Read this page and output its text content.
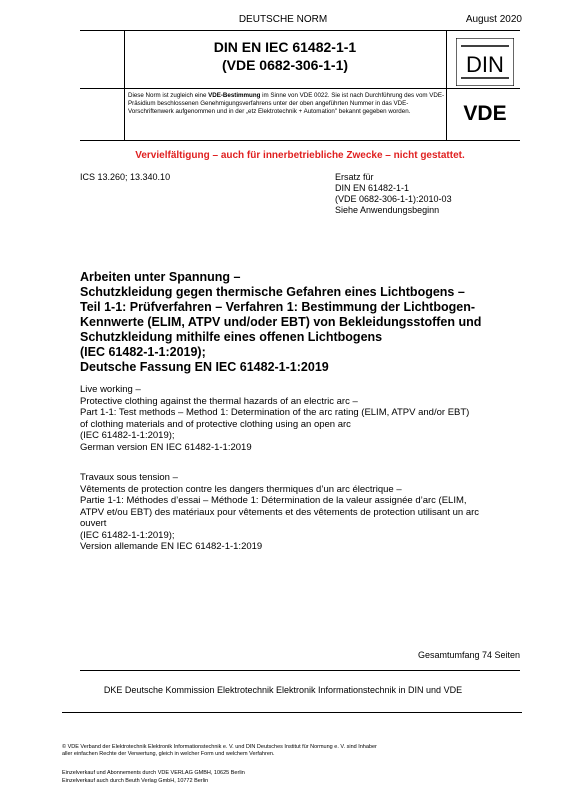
DEUTSCHE NORM	August 2020
DIN EN IEC 61482-1-1
(VDE 0682-306-1-1)	DIN
Diese Norm ist zugleich eine VDE-Bestimmung im Sinne von VDE 0022. Sie ist nach Durchführung des vom VDE-Präsidium beschlossenen Genehmigungsverfahrens unter der oben angeführten Nummer in das VDE-Vorschriftenwerk aufgenommen und in der „etz Elektrotechnik + Automation" bekannt gegeben worden.	VDE
Vervielfältigung – auch für innerbetriebliche Zwecke – nicht gestattet.
ICS 13.260; 13.340.10	Ersatz für
DIN EN 61482-1-1
(VDE 0682-306-1-1):2010-03
Siehe Anwendungsbeginn
Arbeiten unter Spannung –
Schutzkleidung gegen thermische Gefahren eines Lichtbogens –
Teil 1-1: Prüfverfahren – Verfahren 1: Bestimmung der Lichtbogen-
Kennwerte (ELIM, ATPV und/oder EBT) von Bekleidungsstoffen und
Schutzkleidung mithilfe eines offenen Lichtbogens
(IEC 61482-1-1:2019);
Deutsche Fassung EN IEC 61482-1-1:2019
Live working –
Protective clothing against the thermal hazards of an electric arc –
Part 1-1: Test methods – Method 1: Determination of the arc rating (ELIM, ATPV and/or EBT)
of clothing materials and of protective clothing using an open arc
(IEC 61482-1-1:2019);
German version EN IEC 61482-1-1:2019
Travaux sous tension –
Vêtements de protection contre les dangers thermiques d’un arc électrique –
Partie 1-1: Méthodes d’essai – Méthode 1: Détermination de la valeur assignée d’arc (ELIM,
ATPV et/ou EBT) des matériaux pour vêtements et des vêtements de protection utilisant un arc
ouvert
(IEC 61482-1-1:2019);
Version allemande EN IEC 61482-1-1:2019
Gesamtumfang 74 Seiten
DKE Deutsche Kommission Elektrotechnik Elektronik Informationstechnik in DIN und VDE
© VDE Verband der Elektrotechnik Elektronik Informationstechnik e. V. und DIN Deutsches Institut für Normung e. V. sind Inhaber
aller einfachen Rechte der Verwertung, gleich in welcher Form und welchem Verfahren.
Einzelverkauf und Abonnements durch VDE VERLAG GMBH, 10625 Berlin
Einzelverkauf auch durch Beuth Verlag GmbH, 10772 Berlin
